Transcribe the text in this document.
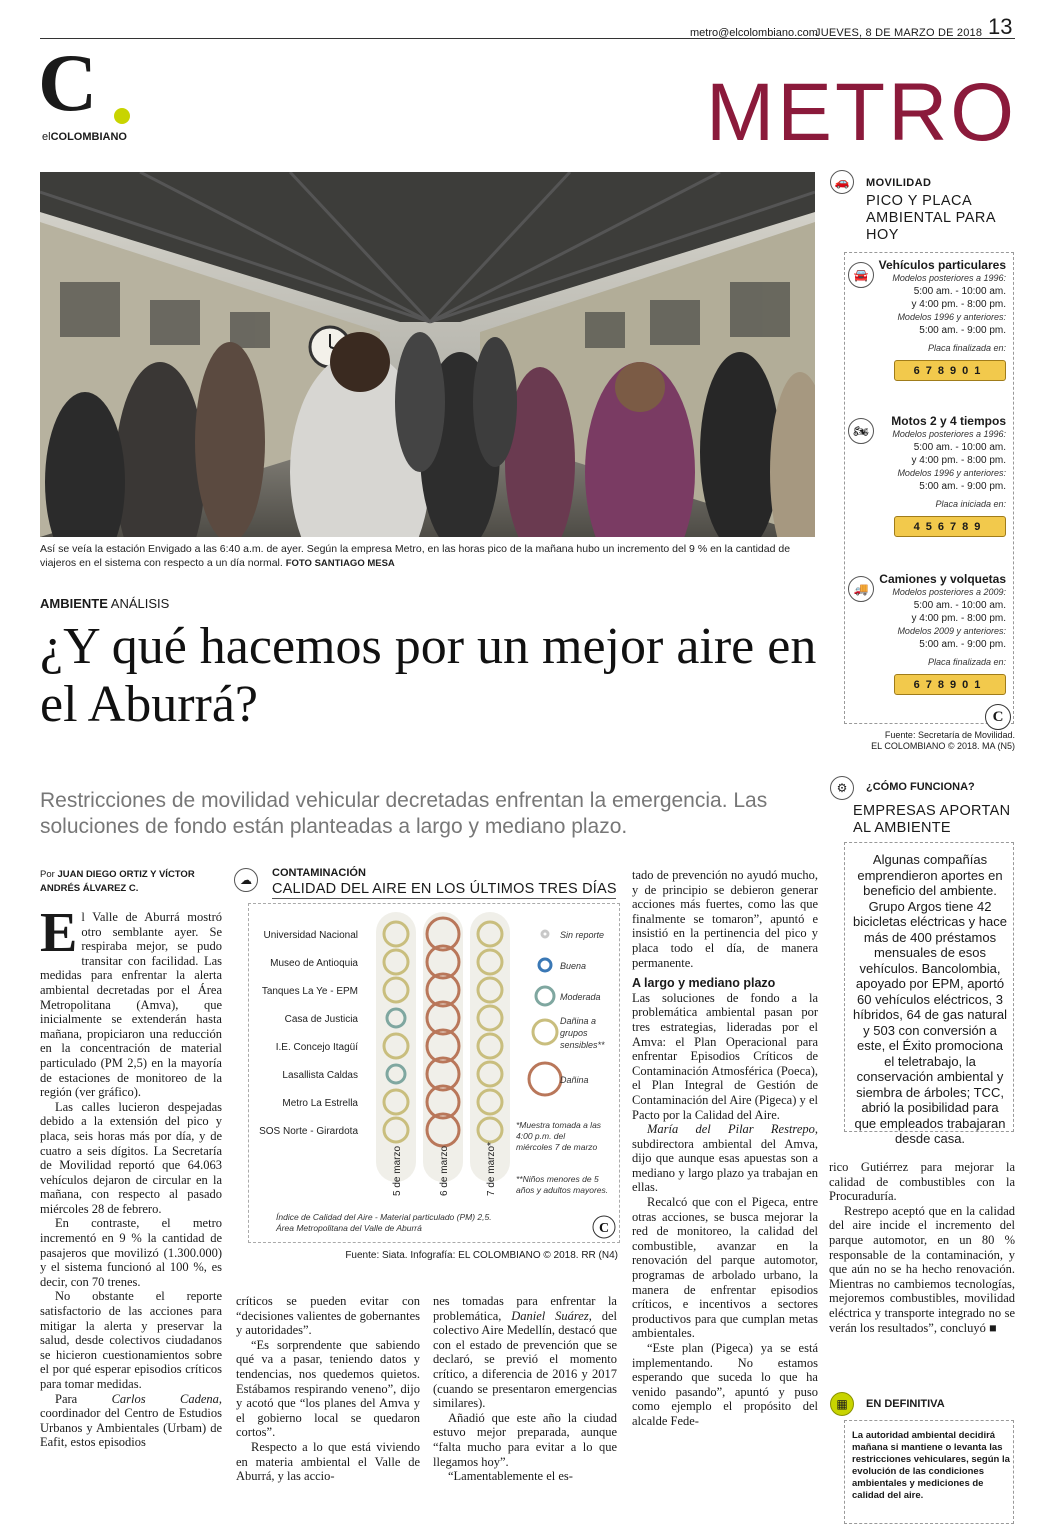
metro@elcolombiano.com
JUEVES, 8 DE MARZO DE 2018 13
C
elCOLOMBIANO	METRO
Así se veía la estación Envigado a las 6:40 a.m. de ayer. Según la empresa Metro, en las horas pico de la mañana hubo un incremento del 9 % en la cantidad de viajeros en el sistema con respecto a un día normal. FOTO SANTIAGO MESA
AMBIENTE ANÁLISIS
¿Y qué hacemos por un mejor aire en el Aburrá?
Restricciones de movilidad vehicular decretadas enfrentan la emergencia. Las soluciones de fondo están planteadas a largo y mediano plazo.
Por JUAN DIEGO ORTIZ Y VÍCTOR ANDRÉS ÁLVAREZ C.

El Valle de Aburrá mostró otro semblante ayer. Se respiraba mejor, se pudo transitar con facilidad. Las medidas para enfrentar la alerta ambiental decretadas por el Área Metropolitana (Amva), que inicialmente se extenderán hasta mañana, propiciaron una reducción en la concentración de material particulado (PM 2,5) en la mayoría de estaciones de monitoreo de la región (ver gráfico).

Las calles lucieron despejadas debido a la extensión del pico y placa, seis horas más por día, y de cuatro a seis dígitos. La Secretaría de Movilidad reportó que 64.063 vehículos dejaron de circular en la mañana, con respecto al pasado miércoles 28 de febrero.

En contraste, el metro incrementó en 9 % la cantidad de pasajeros que movilizó (1.300.000) y el sistema funcionó al 100 %, es decir, con 70 trenes.

No obstante el reporte satisfactorio de las acciones para mitigar la alerta y preservar la salud, desde colectivos ciudadanos se hicieron cuestionamientos sobre el por qué esperar episodios críticos para tomar medidas.

Para	Carlos Cadena, coordinador del Centro de Estudios Urbanos y Ambientales (Urbam) de Eafit, estos episodios

críticos se pueden evitar con “decisiones valientes de gobernantes y autoridades”.

“Es sorprendente que sabiendo qué va a pasar, teniendo datos y tendencias, nos quedemos quietos. Estábamos respirando veneno”, dijo y acotó que “los planes del Amva y el gobierno local se quedaron cortos”.

Respecto a lo que está viviendo en materia ambiental el Valle de Aburrá, y las accio-

nes tomadas para enfrentar la problemática, Daniel Suárez, del colectivo Aire Medellín, destacó que con el estado de prevención que se declaró, se previó el momento crítico, a diferencia de 2016 y 2017 (cuando se presentaron emergencias similares).

Añadió que este año la ciudad estuvo mejor preparada, aunque “falta mucho para evitar a lo que llegamos hoy”.

“Lamentablemente el es-

tado de prevención no ayudó mucho, y de principio se debieron generar acciones más fuertes, como las que finalmente se tomaron”, apuntó e insistió en la pertinencia del pico y placa todo el día, de manera permanente.

A largo y mediano plazo

Las soluciones de fondo a la problemática ambiental pasan por tres estrategias, lideradas por el Amva: el Plan Operacional para enfrentar Episodios Críticos de Contaminación Atmosférica (Poeca), el Plan Integral de Gestión de Contaminación del Aire (Pigeca) y el Pacto por la Calidad del Aire.

María del Pilar Restrepo, subdirectora ambiental del Amva, dijo que aunque esas apuestas son a mediano y largo plazo ya trabajan en ellas.

Recalcó que con el Pigeca, entre otras acciones, se busca mejorar la red de monitoreo, la calidad del combustible, avanzar en la renovación del parque automotor, programas de arbolado urbano, la manera de enfrentar episodios críticos, e incentivos a sectores productivos para que cumplan metas ambientales.

“Este plan (Pigeca) ya se está implementando. No estamos esperando que suceda lo que ha venido pasando”, apuntó y puso como ejemplo el propósito del alcalde Fede-

rico Gutiérrez para mejorar la calidad de combustibles con la Procuraduría.

Restrepo aceptó que en la calidad del aire incide el incremento del parque automotor, en un 80 % responsable de la contaminación, y que aún no se ha hecho renovación. Mientras no cambiemos tecnologías, mejoremos combustibles, movilidad eléctrica y transporte integrado no se verán los resultados”, concluyó ■

☁	CONTAMINACIÓN
CALIDAD DEL AIRE EN LOS ÚLTIMOS TRES DÍAS
Universidad Nacional
Museo de Antioquia
Tanques La Ye - EPM
Casa de Justicia
I.E. Concejo Itagüí
Lasallista Caldas
Metro La Estrella
SOS Norte - Girardota
5 de marzo	6 de marzo	7 de marzo*
Sin reporte
Buena
Moderada
Dañina a
grupos
sensibles**
Dañina
*Muestra tomada a las
4:00 p.m. del
miércoles 7 de marzo
**Niños menores de 5
años y adultos mayores.
Índice de Calidad del Aire - Material particulado (PM) 2,5.
Área Metropolitana del Valle de Aburrá	C
Fuente: Siata. Infografía: EL COLOMBIANO © 2018. RR (N4)
🚗	MOVILIDAD
PICO Y PLACA AMBIENTAL PARA HOY
🚘
Vehículos particulares
Modelos posteriores a 1996:
5:00 am. - 10:00 am.
y 4:00 pm. - 8:00 pm.
Modelos 1996 y anteriores:
5:00 am. - 9:00 pm.
Placa finalizada en:
678901
🏍
Motos 2 y 4 tiempos
Modelos posteriores a 1996:
5:00 am. - 10:00 am.
y 4:00 pm. - 8:00 pm.
Modelos 1996 y anteriores:
5:00 am. - 9:00 pm.
Placa iniciada en:
456789
🚚
Camiones y volquetas
Modelos posteriores a 2009:
5:00 am. - 10:00 am.
y 4:00 pm. - 8:00 pm.
Modelos 2009 y anteriores:
5:00 am. - 9:00 pm.
Placa finalizada en:
678901
C
Fuente: Secretaría de Movilidad.
EL COLOMBIANO © 2018. MA (N5)
⚙	¿CÓMO FUNCIONA?
EMPRESAS APORTAN AL AMBIENTE
Algunas compañías emprendieron aportes en beneficio del ambiente. Grupo Argos tiene 42 bicicletas eléctricas y hace más de 400 préstamos mensuales de esos vehículos. Bancolombia, apoyado por EPM, aportó 60 vehículos eléctricos, 3 híbridos, 64 de gas natural y 503 con conversión a este, el Éxito promociona el teletrabajo, la conservación ambiental y siembra de árboles; TCC, abrió la posibilidad para que empleados trabajaran desde casa.
▦	EN DEFINITIVA
La autoridad ambiental decidirá mañana si mantiene o levanta las restricciones vehiculares, según la evolución de las condiciones ambientales y mediciones de calidad del aire.
